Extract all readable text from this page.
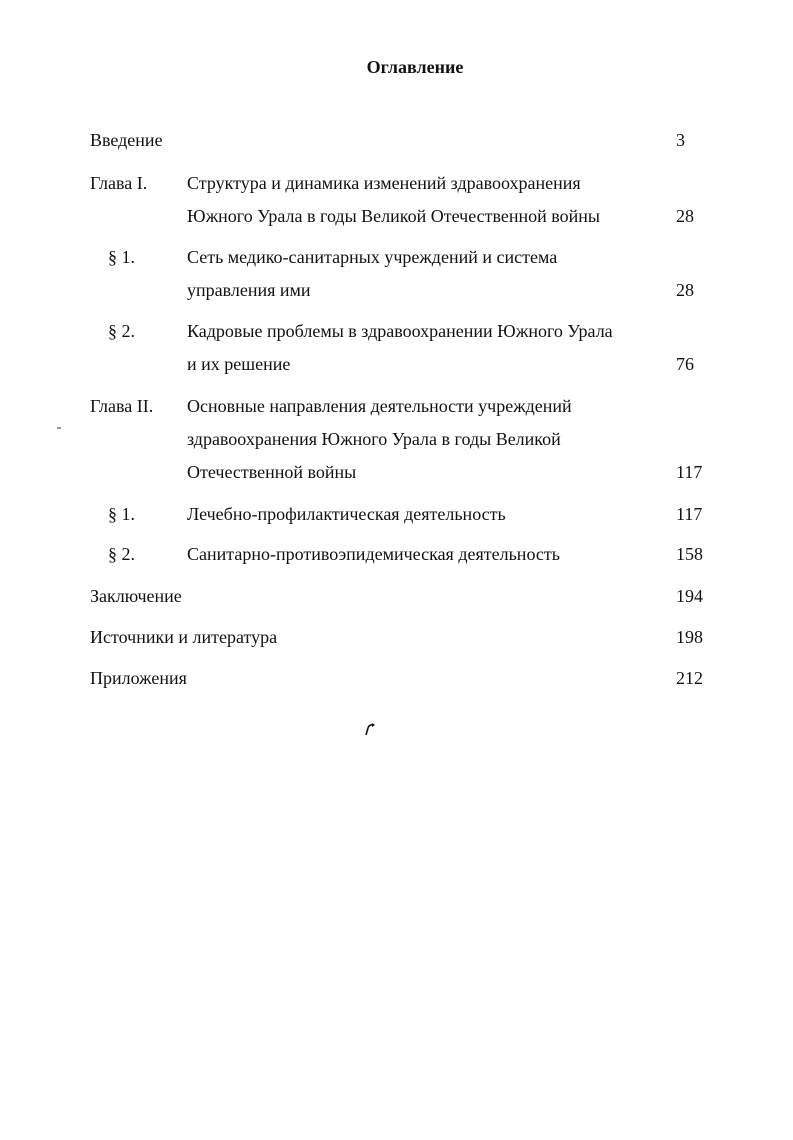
Оглавление
Введение	3
Глава I. Структура и динамика изменений здравоохранения
Южного Урала в годы Великой Отечественной войны	28
§ 1.	Сеть медико-санитарных учреждений и система
управления ими	28
§ 2.	Кадровые проблемы в здравоохранении Южного Урала
и их решение	76
Глава II. Основные направления деятельности учреждений
здравоохранения Южного Урала в годы Великой
Отечественной войны	117
§ 1.	Лечебно-профилактическая деятельность	117
§ 2.	Санитарно-противоэпидемическая деятельность	158
Заключение	194
Источники и литература	198
Приложения	212
